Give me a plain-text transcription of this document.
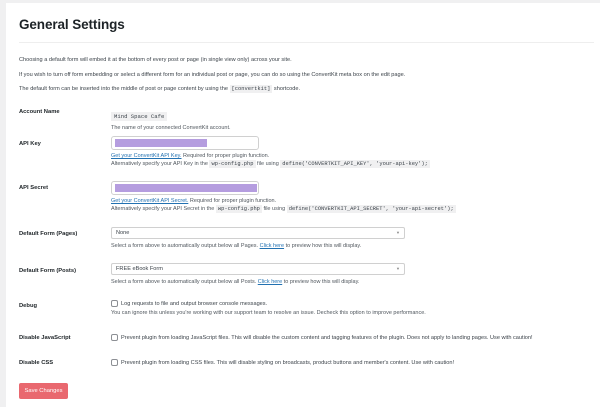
General Settings
Choosing a default form will embed it at the bottom of every post or page (in single view only) across your site.
If you wish to turn off form embedding or select a different form for an individual post or page, you can do so using the ConvertKit meta box on the edit page.
The default form can be inserted into the middle of post or page content by using the [convertkit] shortcode.
Account Name
Mind Space Cafe
The name of your connected ConvertKit account.
API Key
Get your ConvertKit API Key. Required for proper plugin function.
Alternatively specify your API Key in the wp-config.php file using define('CONVERTKIT_API_KEY', 'your-api-key');
API Secret
Get your ConvertKit API Secret. Required for proper plugin function.
Alternatively specify your API Secret in the wp-config.php file using define('CONVERTKIT_API_SECRET', 'your-api-secret');
Default Form (Pages)	None	▼
Select a form above to automatically output below all Pages. Click here to preview how this will display.
Default Form (Posts)	FREE eBook Form	▼
Select a form above to automatically output below all Posts. Click here to preview how this will display.
Debug	Log requests to file and output browser console messages.
You can ignore this unless you're working with our support team to resolve an issue. Decheck this option to improve performance.
Disable JavaScript	Prevent plugin from loading JavaScript files. This will disable the custom content and tagging features of the plugin. Does not apply to landing pages. Use with caution!
Disable CSS	Prevent plugin from loading CSS files. This will disable styling on broadcasts, product buttons and member's content. Use with caution!
Save Changes
